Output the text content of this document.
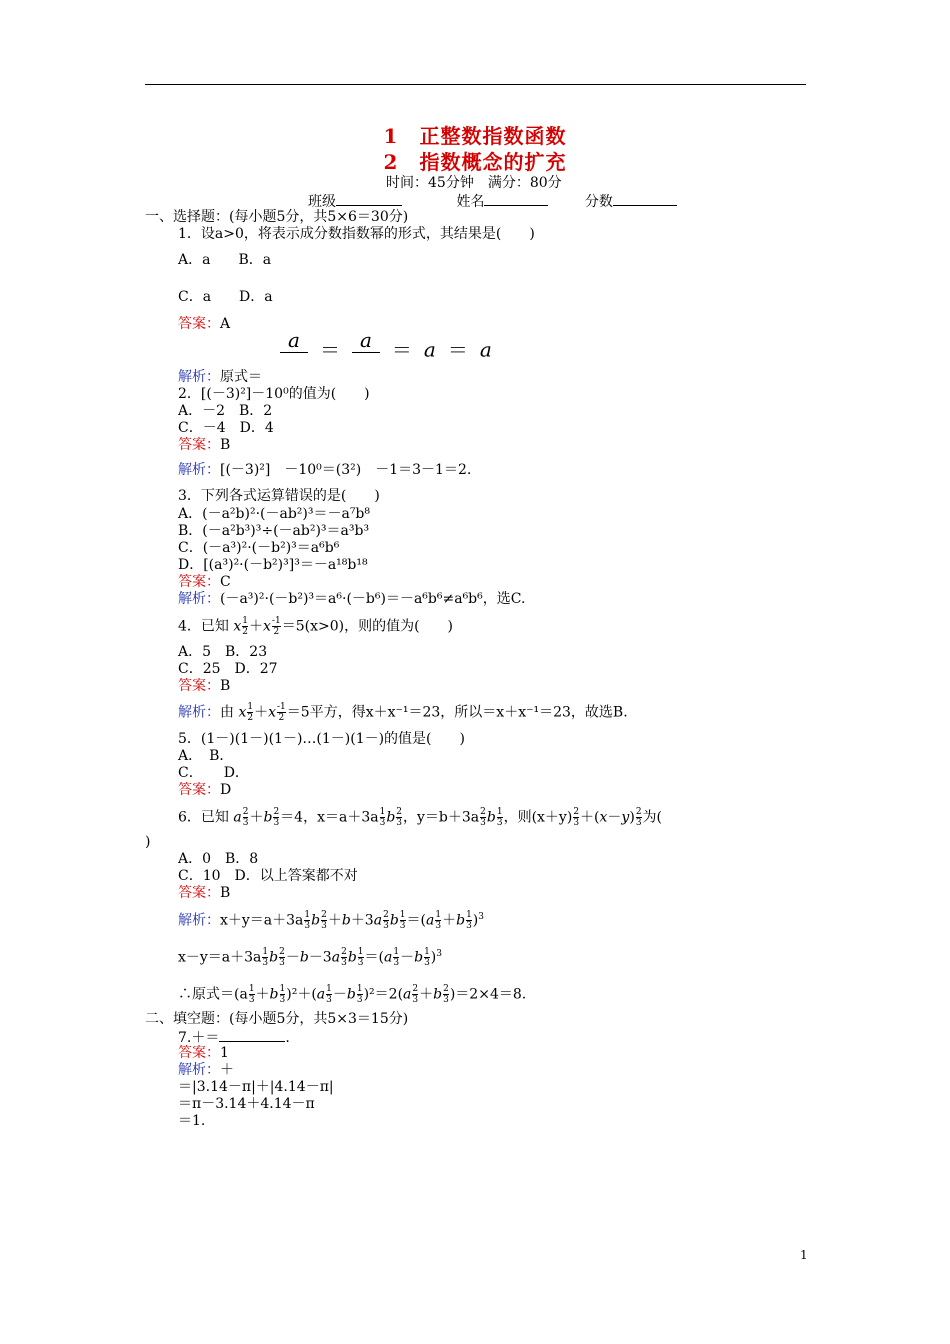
1　正整数指数函数
2　指数概念的扩充
时间：45分钟　满分：80分
班级	姓名	分数
一、选择题：(每小题5分，共5×6＝30分)
1．设a>0，将表示成分数指数幂的形式，其结果是(　　)
A．a　　B．a
C．a　　D．a
答案：A
a
	＝	a
	＝ a ＝ a
解析：原式＝
2．[(－3)²]－10⁰的值为(　　)
A．－2　B．2
C．－4　D．4
答案：B
解析：[(－3)²]　－10⁰＝(3²)　－1＝3－1＝2.
3．下列各式运算错误的是(　　)
A．(－a²b)²·(－ab²)³＝－a⁷b⁸
B．(－a²b³)³÷(－ab²)³＝a³b³
C．(－a³)²·(－b²)³＝a⁶b⁶
D．[(a³)²·(－b²)³]³＝－a¹⁸b¹⁸
答案：C
解析：(－a³)²·(－b²)³＝a⁶·(－b⁶)＝－a⁶b⁶≠a⁶b⁶，选C.
4．已知 x $\frac{1}{2} +x \frac{-1}{2} =5(x>0)$，则的值为(　　)
A．5　B．23
C．25　D．27
答案：B
解析：由 x $\frac{1}{2} +x \frac{-1}{2} =5$平方，得x＋x⁻¹＝23，所以＝x＋x⁻¹＝23，故选B.
5．(1－)(1－)(1－)…(1－)(1－)的值是(　　)
A．　B．
C．　　D．
答案：D
6．已知 a $\frac{2}{3} +b \frac{2}{3} =4$，$x=a+3a \frac{1}{3}$ b $\frac{2}{3}$ ，$y=b+3a \frac{2}{3}$ b $\frac{1}{3}$ ，则$(x+y) \frac{2}{3} +(x-y) \frac{2}{3}$ 为(
)
A．0　B．8
C．10　D．以上答案都不对
答案：B
解析：$x+y=a+3a \frac{1}{3}$ b $\frac{2}{3} +b+3a \frac{2}{3}$ b $\frac{1}{3} =(a \frac{1}{3} +b \frac{1}{3} )^3$
$x-y=a+3a \frac{1}{3}$ b $\frac{2}{3} -b-3a \frac{2}{3}$ b $\frac{1}{3} =(a \frac{1}{3} -b \frac{1}{3} )^3$
∴原式$=(a \frac{1}{3} +b \frac{1}{3} )^2+(a \frac{1}{3} -b \frac{1}{3} )^2=2(a \frac{2}{3} +b \frac{2}{3} )=2\times 4=8$.
二、填空题：(每小题5分，共5×3＝15分)
7.＋＝	.
答案：1
解析：＋
＝|3.14－π|＋|4.14－π|
＝π－3.14＋4.14－π
＝1.
1
